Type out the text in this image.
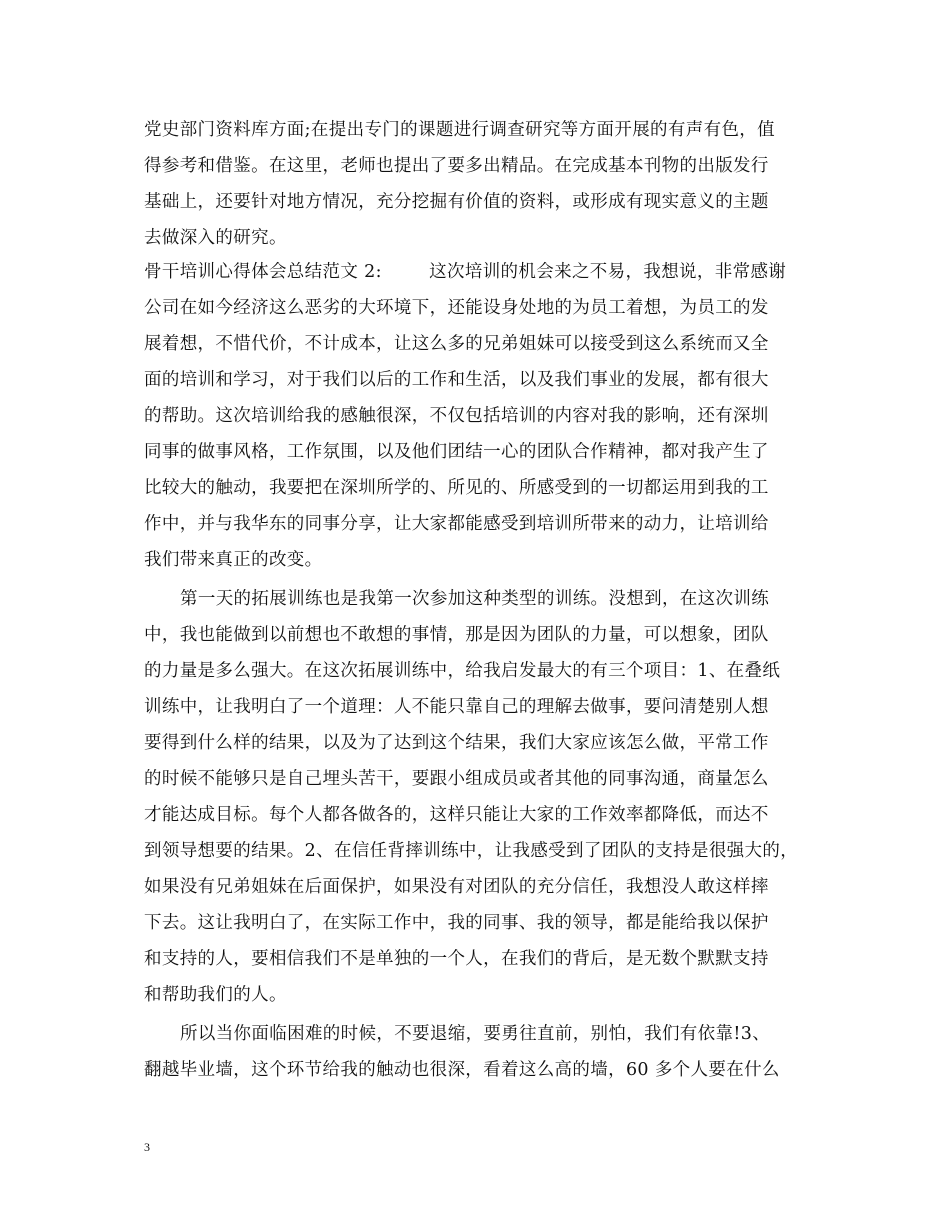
党史部门资料库方面;在提出专门的课题进行调查研究等方面开展的有声有色，值
得参考和借鉴。在这里，老师也提出了要多出精品。在完成基本刊物的出版发行
基础上，还要针对地方情况，充分挖掘有价值的资料，或形成有现实意义的主题
去做深入的研究。
骨干培训心得体会总结范文 2:        这次培训的机会来之不易，我想说，非常感谢
公司在如今经济这么恶劣的大环境下，还能设身处地的为员工着想，为员工的发
展着想，不惜代价，不计成本，让这么多的兄弟姐妹可以接受到这么系统而又全
面的培训和学习，对于我们以后的工作和生活，以及我们事业的发展，都有很大
的帮助。这次培训给我的感触很深，不仅包括培训的内容对我的影响，还有深圳
同事的做事风格，工作氛围，以及他们团结一心的团队合作精神，都对我产生了
比较大的触动，我要把在深圳所学的、所见的、所感受到的一切都运用到我的工
作中，并与我华东的同事分享，让大家都能感受到培训所带来的动力，让培训给
我们带来真正的改变。
第一天的拓展训练也是我第一次参加这种类型的训练。没想到，在这次训练
中，我也能做到以前想也不敢想的事情，那是因为团队的力量，可以想象，团队
的力量是多么强大。在这次拓展训练中，给我启发最大的有三个项目：1、在叠纸
训练中，让我明白了一个道理：人不能只靠自己的理解去做事，要问清楚别人想
要得到什么样的结果，以及为了达到这个结果，我们大家应该怎么做，平常工作
的时候不能够只是自己埋头苦干，要跟小组成员或者其他的同事沟通，商量怎么
才能达成目标。每个人都各做各的，这样只能让大家的工作效率都降低，而达不
到领导想要的结果。2、在信任背摔训练中，让我感受到了团队的支持是很强大的，
如果没有兄弟姐妹在后面保护，如果没有对团队的充分信任，我想没人敢这样摔
下去。这让我明白了，在实际工作中，我的同事、我的领导，都是能给我以保护
和支持的人，要相信我们不是单独的一个人，在我们的背后，是无数个默默支持
和帮助我们的人。
所以当你面临困难的时候，不要退缩，要勇往直前，别怕，我们有依靠!3、
翻越毕业墙，这个环节给我的触动也很深，看着这么高的墙，60 多个人要在什么
3
